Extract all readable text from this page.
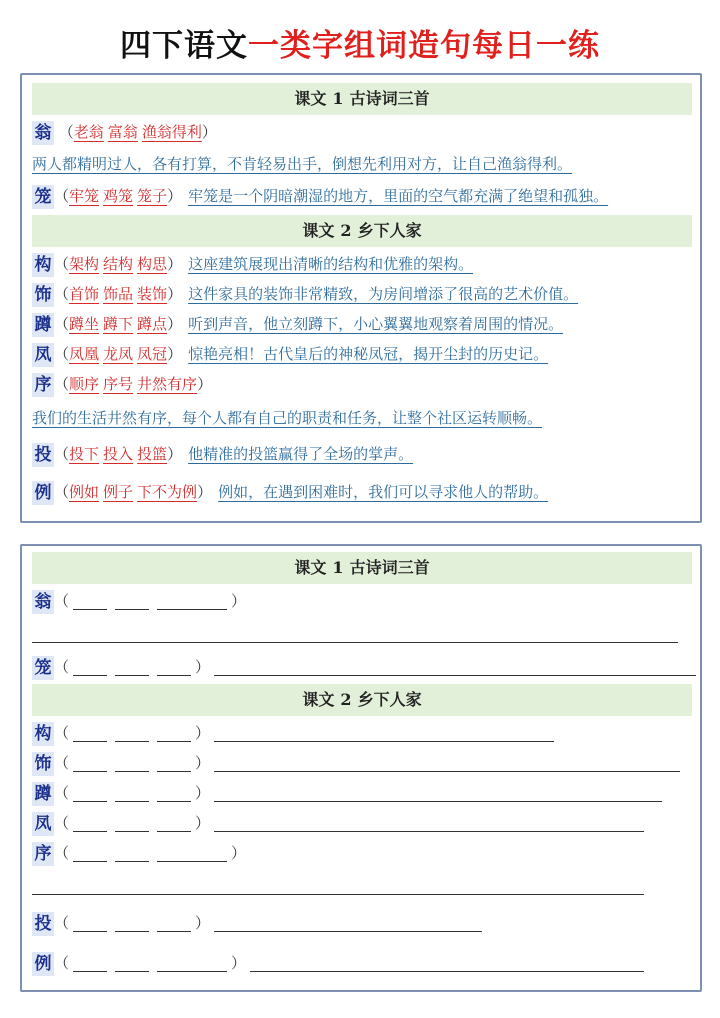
四下语文一类字组词造句每日一练
课文 1 古诗词三首
翁 （老翁 富翁 渔翁得利）
两人都精明过人，各有打算，不肯轻易出手，倒想先利用对方，让自己渔翁得利。
笼 （牢笼 鸡笼 笼子） 牢笼是一个阴暗潮湿的地方，里面的空气都充满了绝望和孤独。
课文 2 乡下人家
构 （架构 结构 构思） 这座建筑展现出清晰的结构和优雅的架构。
饰 （首饰 饰品 装饰） 这件家具的装饰非常精致，为房间增添了很高的艺术价值。
蹲 （蹲坐 蹲下 蹲点） 听到声音，他立刻蹲下，小心翼翼地观察着周围的情况。
凤 （凤凰 龙凤 凤冠） 惊艳亮相！古代皇后的神秘凤冠，揭开尘封的历史记。
序 （顺序 序号 井然有序）
我们的生活井然有序，每个人都有自己的职责和任务，让整个社区运转顺畅。
投 （投下 投入 投篮） 他精准的投篮赢得了全场的掌声。
例 （例如 例子 下不为例） 例如，在遇到困难时，我们可以寻求他人的帮助。
课文 1 古诗词三首
翁 （	）
笼 （	）
课文 2 乡下人家
构 （	）
饰 （	）
蹲 （	）
凤 （	）
序 （	）
投 （	）
例 （	）
